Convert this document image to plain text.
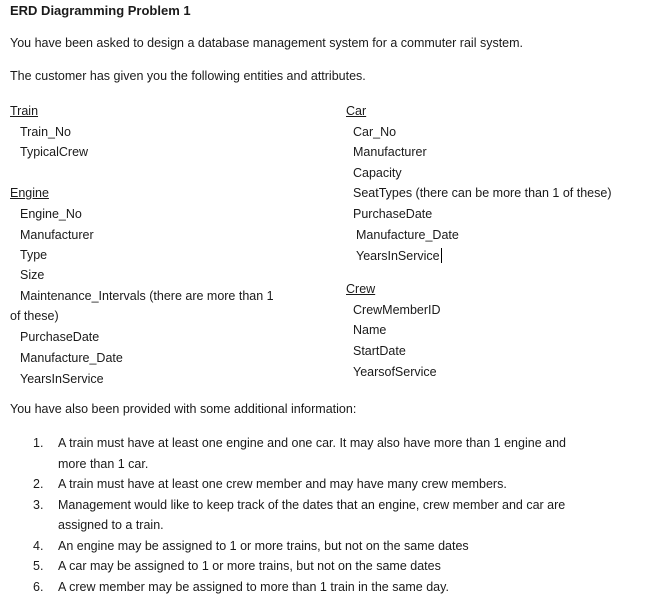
ERD Diagramming Problem 1
You have been asked to design a database management system for a commuter rail system.
The customer has given you the following entities and attributes.
Train
Train_No
TypicalCrew
Engine
Engine_No
Manufacturer
Type
Size
Maintenance_Intervals (there are more than 1
of these)
PurchaseDate
Manufacture_Date
YearsInService
Car
Car_No
Manufacturer
Capacity
SeatTypes (there can be more than 1 of these)
PurchaseDate
Manufacture_Date
YearsInService
Crew
CrewMemberID
Name
StartDate
YearsofService
You have also been provided with some additional information:
1. A train must have at least one engine and one car. It may also have more than 1 engine and
more than 1 car.
2. A train must have at least one crew member and may have many crew members.
3. Management would like to keep track of the dates that an engine, crew member and car are
assigned to a train.
4. An engine may be assigned to 1 or more trains, but not on the same dates
5. A car may be assigned to 1 or more trains, but not on the same dates
6. A crew member may be assigned to more than 1 train in the same day.
